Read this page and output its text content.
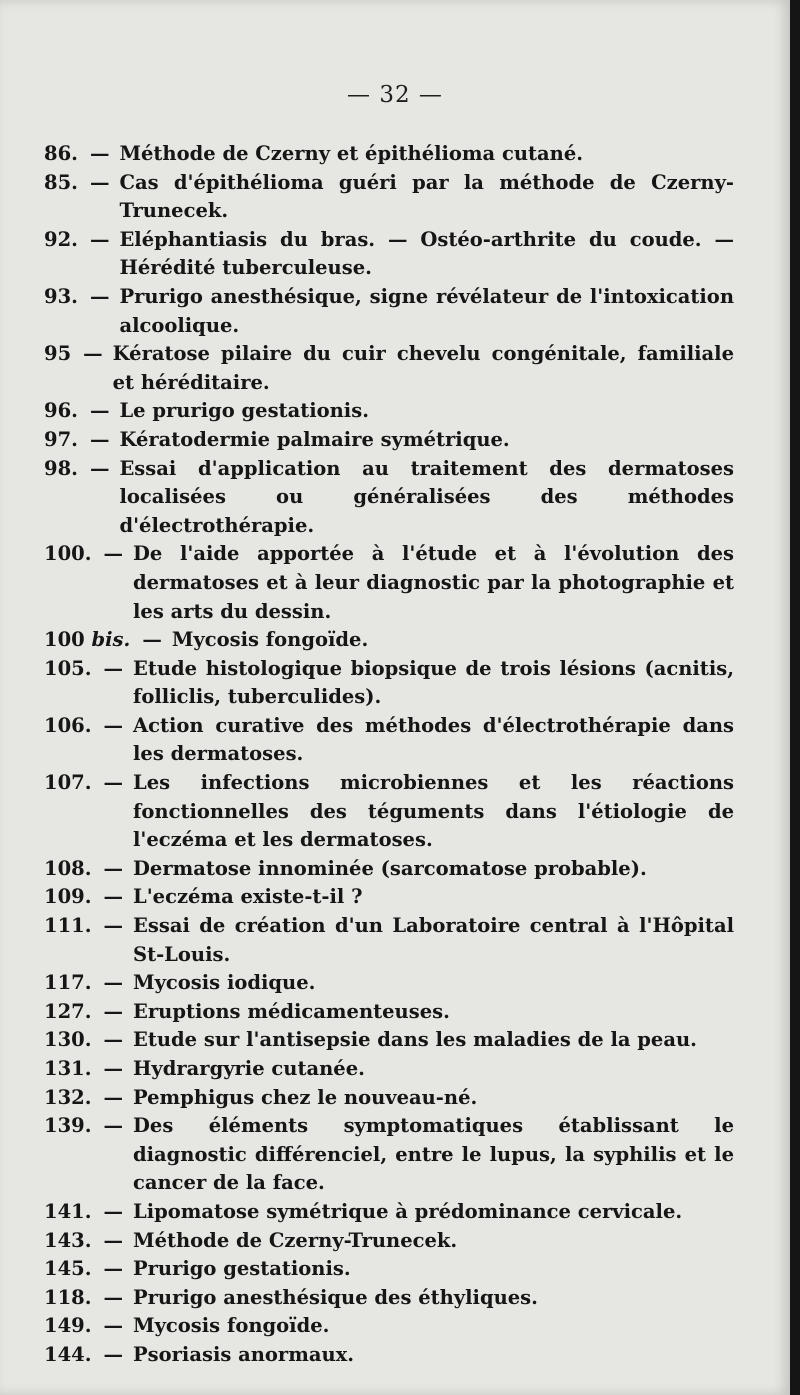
— 32 —
86. — Méthode de Czerny et épithélioma cutané.
85. — Cas d'épithélioma guéri par la méthode de Czerny-Trunecek.
92. — Eléphantiasis du bras. — Ostéo-arthrite du coude. — Hérédité tuberculeuse.
93. — Prurigo anesthésique, signe révélateur de l'intoxication alcoolique.
95 — Kératose pilaire du cuir chevelu congénitale, familiale et héréditaire.
96. — Le prurigo gestationis.
97. — Kératodermie palmaire symétrique.
98. — Essai d'application au traitement des dermatoses localisées ou généralisées des méthodes d'électrothérapie.
100. — De l'aide apportée à l'étude et à l'évolution des dermatoses et à leur diagnostic par la photographie et les arts du dessin.
100 bis. — Mycosis fongoïde.
105. — Etude histologique biopsique de trois lésions (acnitis, folliclis, tuberculides).
106. — Action curative des méthodes d'électrothérapie dans les dermatoses.
107. — Les infections microbiennes et les réactions fonctionnelles des téguments dans l'étiologie de l'eczéma et les dermatoses.
108. — Dermatose innominée (sarcomatose probable).
109. — L'eczéma existe-t-il ?
111. — Essai de création d'un Laboratoire central à l'Hôpital St-Louis.
117. — Mycosis iodique.
127. — Eruptions médicamenteuses.
130. — Etude sur l'antisepsie dans les maladies de la peau.
131. — Hydrargyrie cutanée.
132. — Pemphigus chez le nouveau-né.
139. — Des éléments symptomatiques établissant le diagnostic différenciel, entre le lupus, la syphilis et le cancer de la face.
141. — Lipomatose symétrique à prédominance cervicale.
143. — Méthode de Czerny-Trunecek.
145. — Prurigo gestationis.
118. — Prurigo anesthésique des éthyliques.
149. — Mycosis fongoïde.
144. — Psoriasis anormaux.
